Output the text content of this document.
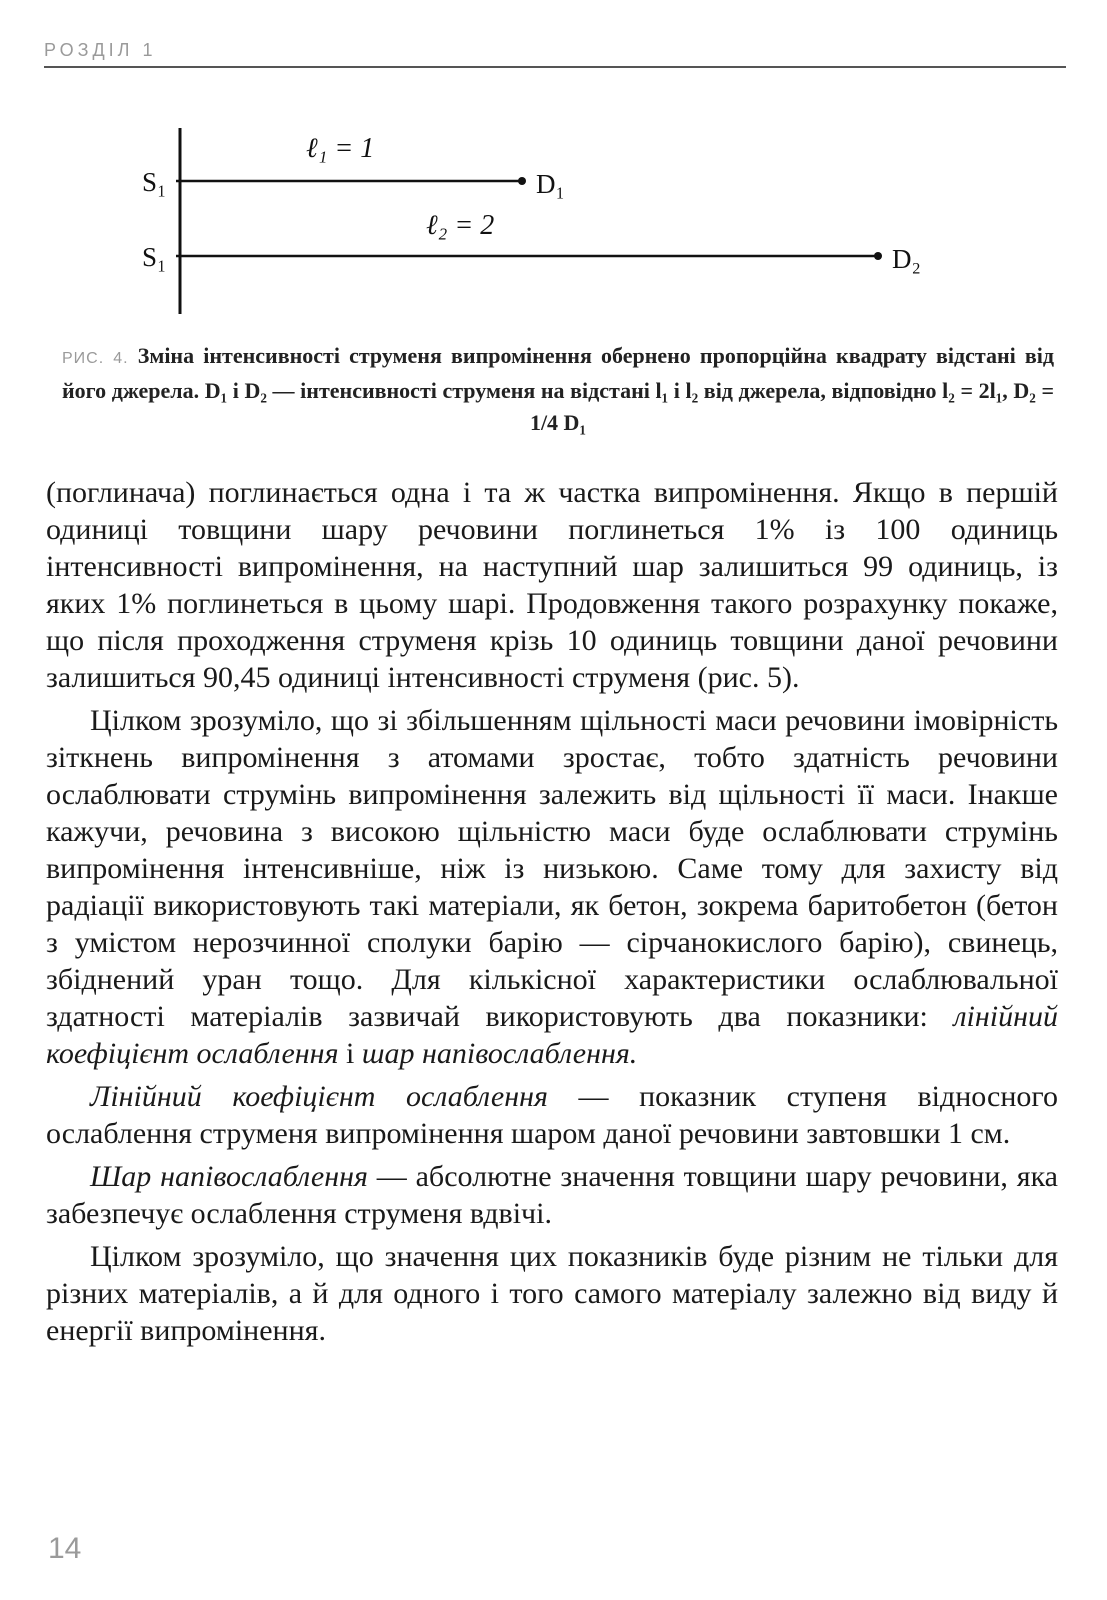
РОЗДІЛ 1
ℓ₁ = 1
ℓ₂ = 2
S₁
S₁
D₁
D₂
РИС. 4. Зміна інтенсивності струменя випромінення обернено пропорційна квадрату відстані від його джерела. D₁ і D₂ — інтенсивності струменя на відстані l₁ і l₂ від джерела, відповідно l₂ = 2l₁, D₂ = 1/4 D₁

(поглинача) поглинається одна і та ж частка випромінення. Якщо в першій одиниці товщини шару речовини поглинеться 1% із 100 одиниць інтенсивності випромінення, на наступний шар залишиться 99 одиниць, із яких 1% поглинеться в цьому шарі. Продовження такого розрахунку покаже, що після проходження струменя крізь 10 одиниць товщини даної речовини залишиться 90,45 одиниці інтенсивності струменя (рис. 5).

Цілком зрозуміло, що зі збільшенням щільності маси речовини імовірність зіткнень випромінення з атомами зростає, тобто здатність речовини ослаблювати струмінь випромінення залежить від щільності її маси. Інакше кажучи, речовина з високою щільністю маси буде ослаблювати струмінь випромінення інтенсивніше, ніж із низькою. Саме тому для захисту від радіації використовують такі матеріали, як бетон, зокрема баритобетон (бетон з умістом нерозчинної сполуки барію — сірчанокислого барію), свинець, збіднений уран тощо. Для кількісної характеристики ослаблювальної здатності матеріалів зазвичай використовують два показники: лінійний коефіцієнт ослаблення і шар напівослаблення.

Лінійний коефіцієнт ослаблення — показник ступеня відносного ослаблення струменя випромінення шаром даної речовини завтовшки 1 см.

Шар напівослаблення — абсолютне значення товщини шару речовини, яка забезпечує ослаблення струменя вдвічі.

Цілком зрозуміло, що значення цих показників буде різним не тільки для різних матеріалів, а й для одного і того самого матеріалу залежно від виду й енергії випромінення.

14
